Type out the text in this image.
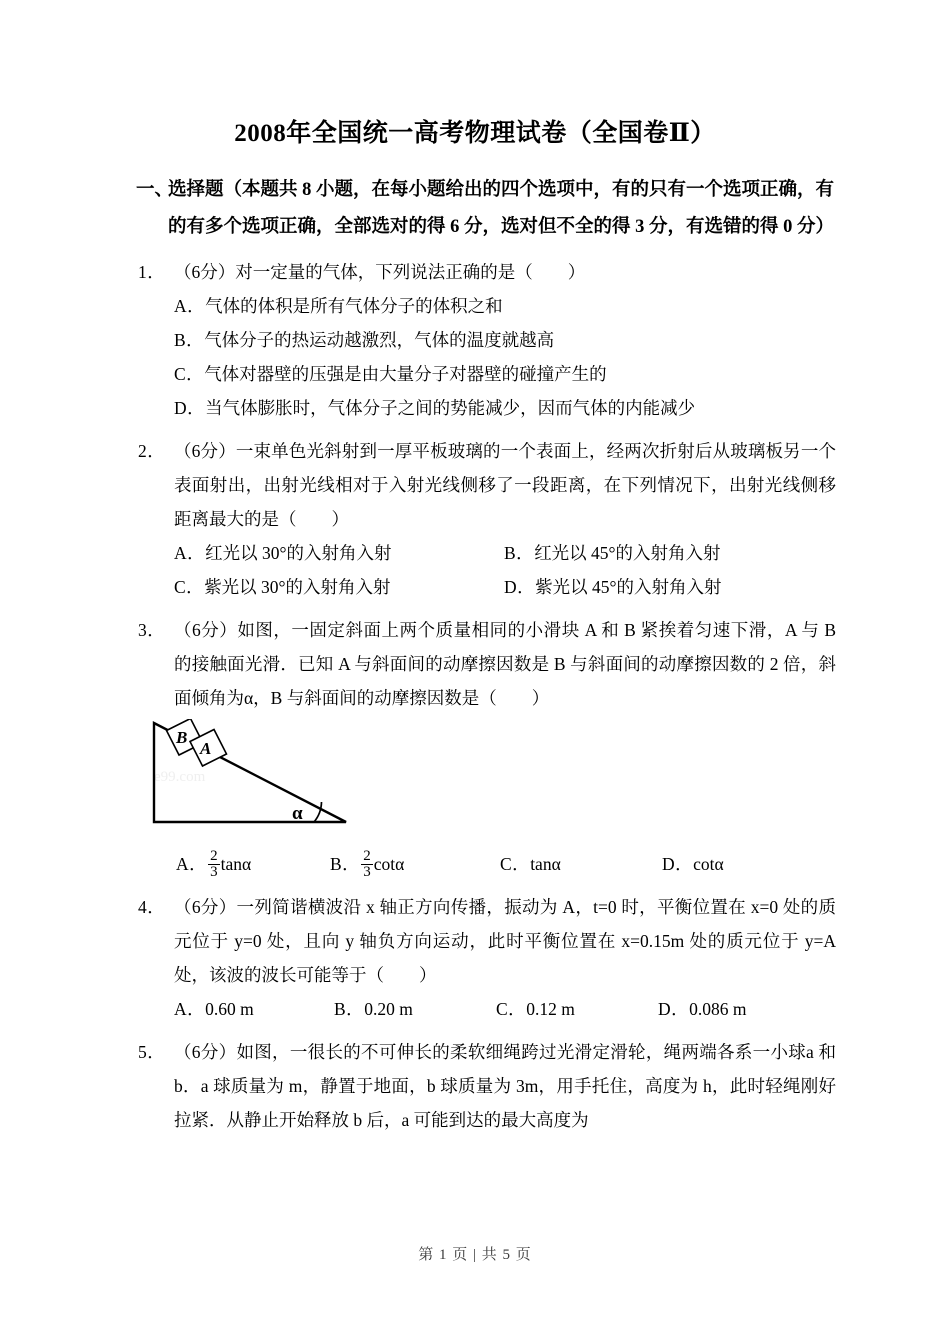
2008年全国统一高考物理试卷（全国卷Ⅱ）
一、
选择题（本题共 8 小题，在每小题给出的四个选项中，有的只有一个选项正确，有的有多个选项正确，全部选对的得 6 分，选对但不全的得 3 分，有选错的得 0 分）
1． （6分）对一定量的气体，下列说法正确的是（　　）
A．气体的体积是所有气体分子的体积之和
B．气体分子的热运动越激烈，气体的温度就越高
C．气体对器壁的压强是由大量分子对器壁的碰撞产生的
D．当气体膨胀时，气体分子之间的势能减少，因而气体的内能减少
2． （6分）一束单色光斜射到一厚平板玻璃的一个表面上，经两次折射后从玻璃板另一个表面射出，出射光线相对于入射光线侧移了一段距离，在下列情况下，出射光线侧移距离最大的是（　　）
A．红光以 30°的入射角入射	B．红光以 45°的入射角入射
C．紫光以 30°的入射角入射	D．紫光以 45°的入射角入射
3． （6分）如图，一固定斜面上两个质量相同的小滑块 A 和 B 紧挨着匀速下滑，A 与 B 的接触面光滑．已知 A 与斜面间的动摩擦因数是 B 与斜面间的动摩擦因数的 2 倍，斜面倾角为α，B 与斜面间的动摩擦因数是（　　）
e99.com
B
A
α
A． $\frac{2}{3}$ tanα	B． $\frac{2}{3}$ cotα	C．tanα	D．cotα
4． （6分）一列简谐横波沿 x 轴正方向传播，振动为 A，t=0 时，平衡位置在 x=0 处的质元位于 y=0 处，且向 y 轴负方向运动，此时平衡位置在 x=0.15m 处的质元位于 y=A 处，该波的波长可能等于（　　）
A．0.60 m	B．0.20 m	C．0.12 m	D．0.086 m
5． （6分）如图，一很长的不可伸长的柔软细绳跨过光滑定滑轮，绳两端各系一小球a 和 b．a 球质量为 m，静置于地面，b 球质量为 3m，用手托住，高度为 h，此时轻绳刚好拉紧．从静止开始释放 b 后，a 可能到达的最大高度为
第 1 页 | 共 5 页
